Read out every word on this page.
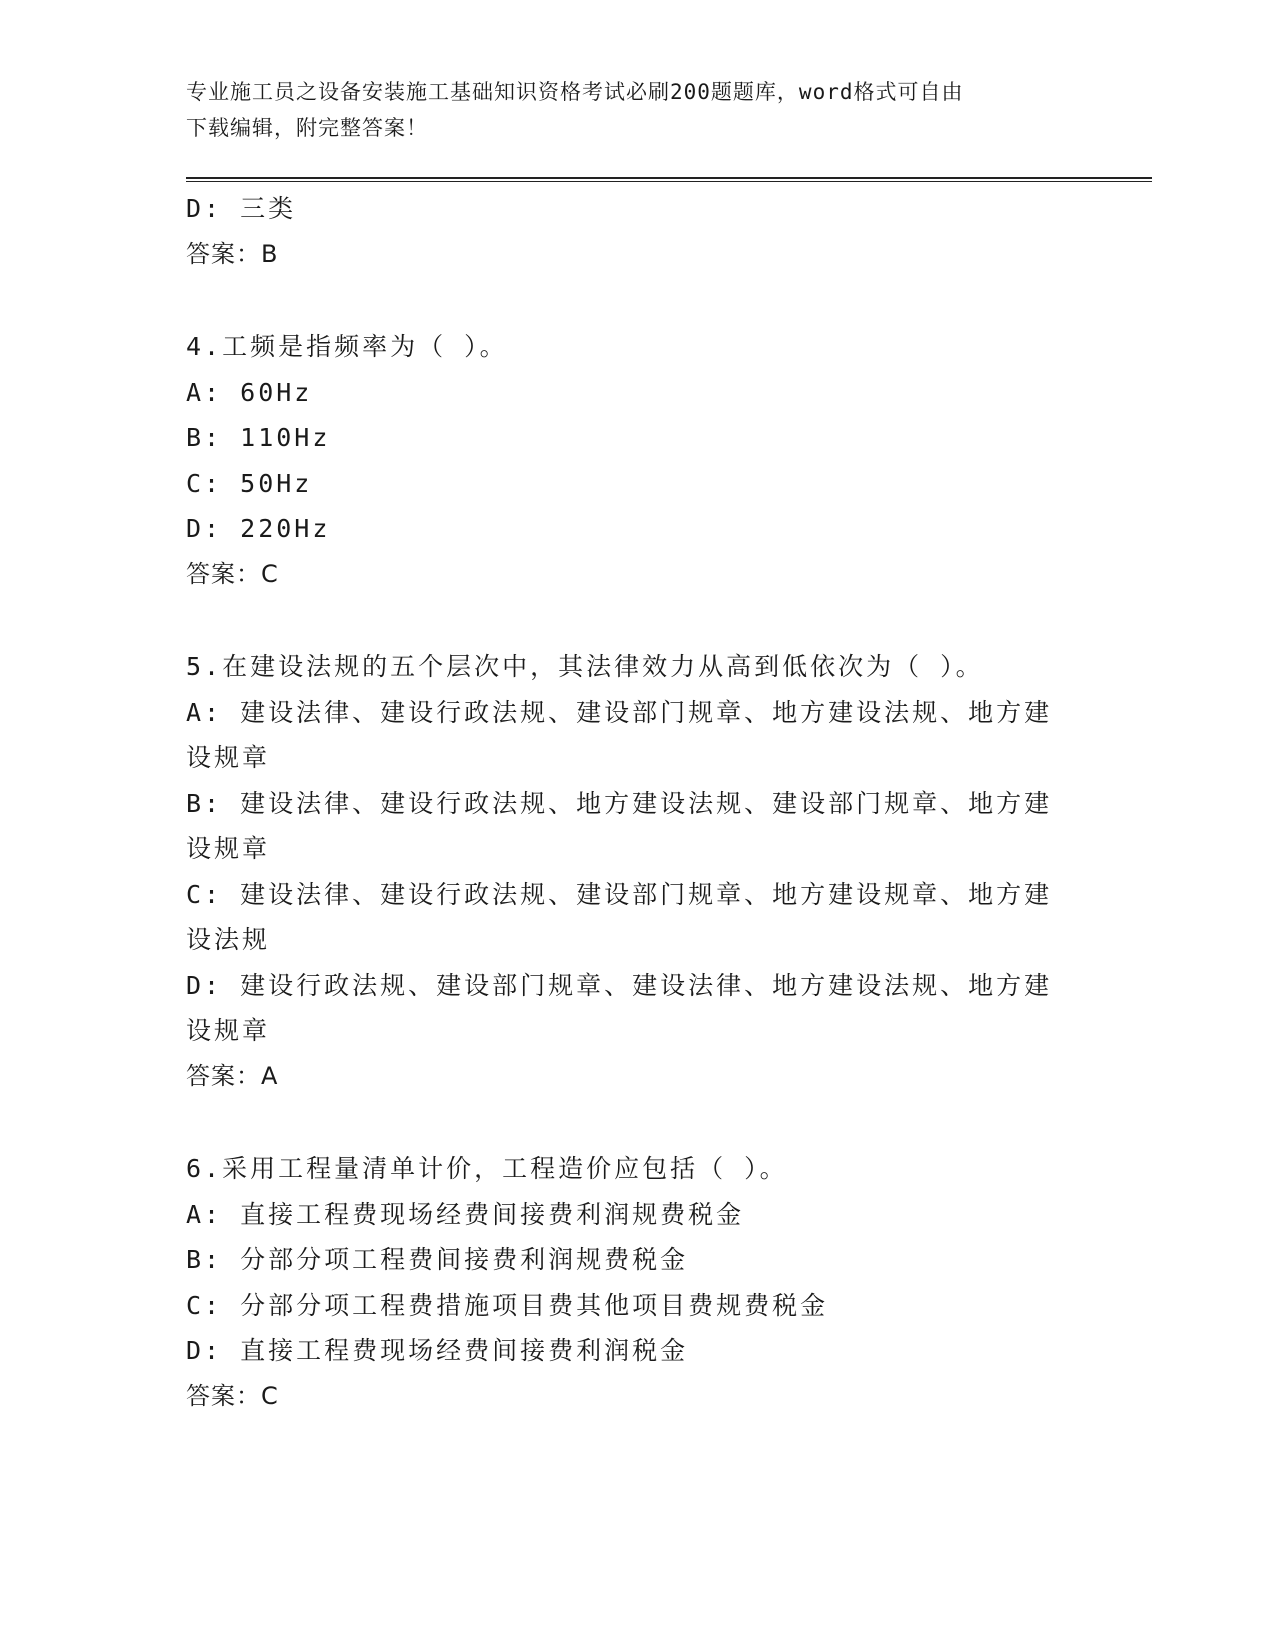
专业施工员之设备安装施工基础知识资格考试必刷200题题库，word格式可自由
下载编辑，附完整答案！
D: 三类
答案：B
4.工频是指频率为（ ）。
A: 60Hz
B: 110Hz
C: 50Hz
D: 220Hz
答案：C
5.在建设法规的五个层次中，其法律效力从高到低依次为（ ）。
A: 建设法律、建设行政法规、建设部门规章、地方建设法规、地方建设规章
B: 建设法律、建设行政法规、地方建设法规、建设部门规章、地方建设规章
C: 建设法律、建设行政法规、建设部门规章、地方建设规章、地方建设法规
D: 建设行政法规、建设部门规章、建设法律、地方建设法规、地方建设规章
答案：A
6.采用工程量清单计价，工程造价应包括（ ）。
A: 直接工程费现场经费间接费利润规费税金
B: 分部分项工程费间接费利润规费税金
C: 分部分项工程费措施项目费其他项目费规费税金
D: 直接工程费现场经费间接费利润税金
答案：C
